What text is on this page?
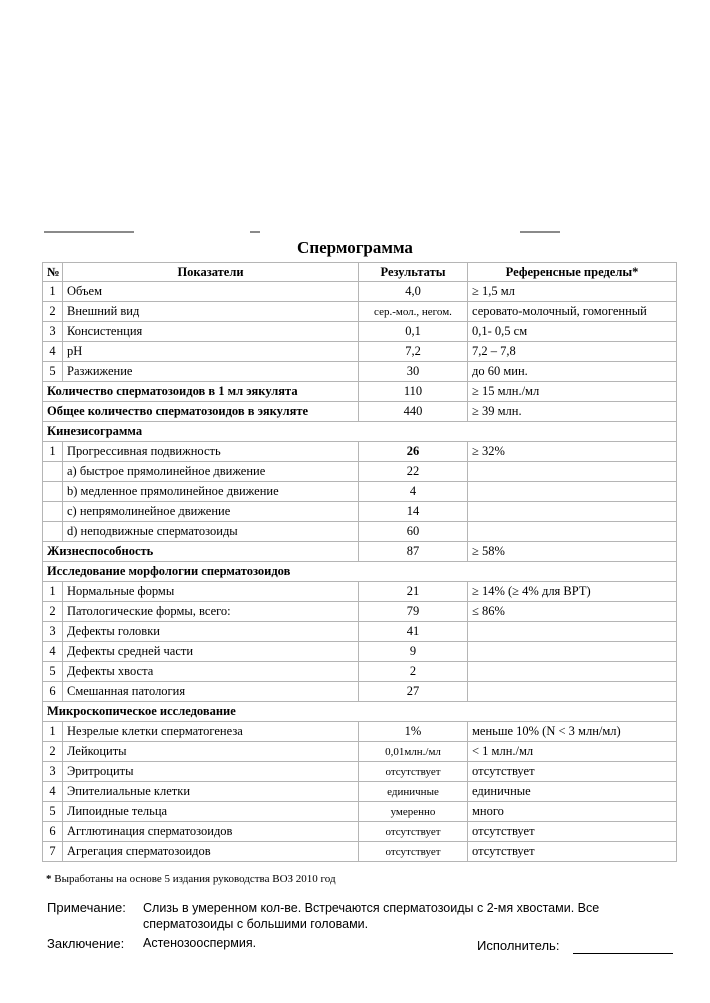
Спермограмма
№	Показатели	Результаты	Референсные пределы*
1	Объем	4,0	≥ 1,5 мл
2	Внешний вид	сер.-мол., негом.	серовато-молочный, гомогенный
3	Консистенция	0,1	0,1- 0,5 см
4	pH	7,2	7,2 – 7,8
5	Разжижение	30	до 60 мин.
Количество сперматозоидов в 1 мл эякулята		110	≥ 15 млн./мл
Общее количество сперматозоидов в эякуляте		440	≥ 39 млн.
Кинезисограмма			
1	Прогрессивная подвижность	26	≥ 32%
	a) быстрое прямолинейное движение	22	
	b) медленное прямолинейное движение	4	
	c) непрямолинейное движение	14	
	d) неподвижные сперматозоиды	60	
Жизнеспособность		87	≥ 58%
Исследование морфологии сперматозоидов			
1	Нормальные формы	21	≥ 14% (≥ 4% для ВРТ)
2	Патологические формы, всего:	79	≤ 86%
3	Дефекты головки	41	
4	Дефекты средней части	9	
5	Дефекты хвоста	2	
6	Смешанная патология	27	
Микроскопическое исследование			
1	Незрелые клетки сперматогенеза	1%	меньше 10% (N < 3 млн/мл)
2	Лейкоциты	0,01млн./мл	< 1 млн./мл
3	Эритроциты	отсутствует	отсутствует
4	Эпителиальные клетки	единичные	единичные
5	Липоидные тельца	умеренно	много
6	Агглютинация сперматозоидов	отсутствует	отсутствует
7	Агрегация сперматозоидов	отсутствует	отсутствует
* Выработаны на основе 5 издания руководства ВОЗ 2010 год
Примечание: Слизь в умеренном кол-ве. Встречаются сперматозоиды с 2-мя хвостами. Все сперматозоиды с большими головами.
Заключение: Астенозооспермия.	Исполнитель:
